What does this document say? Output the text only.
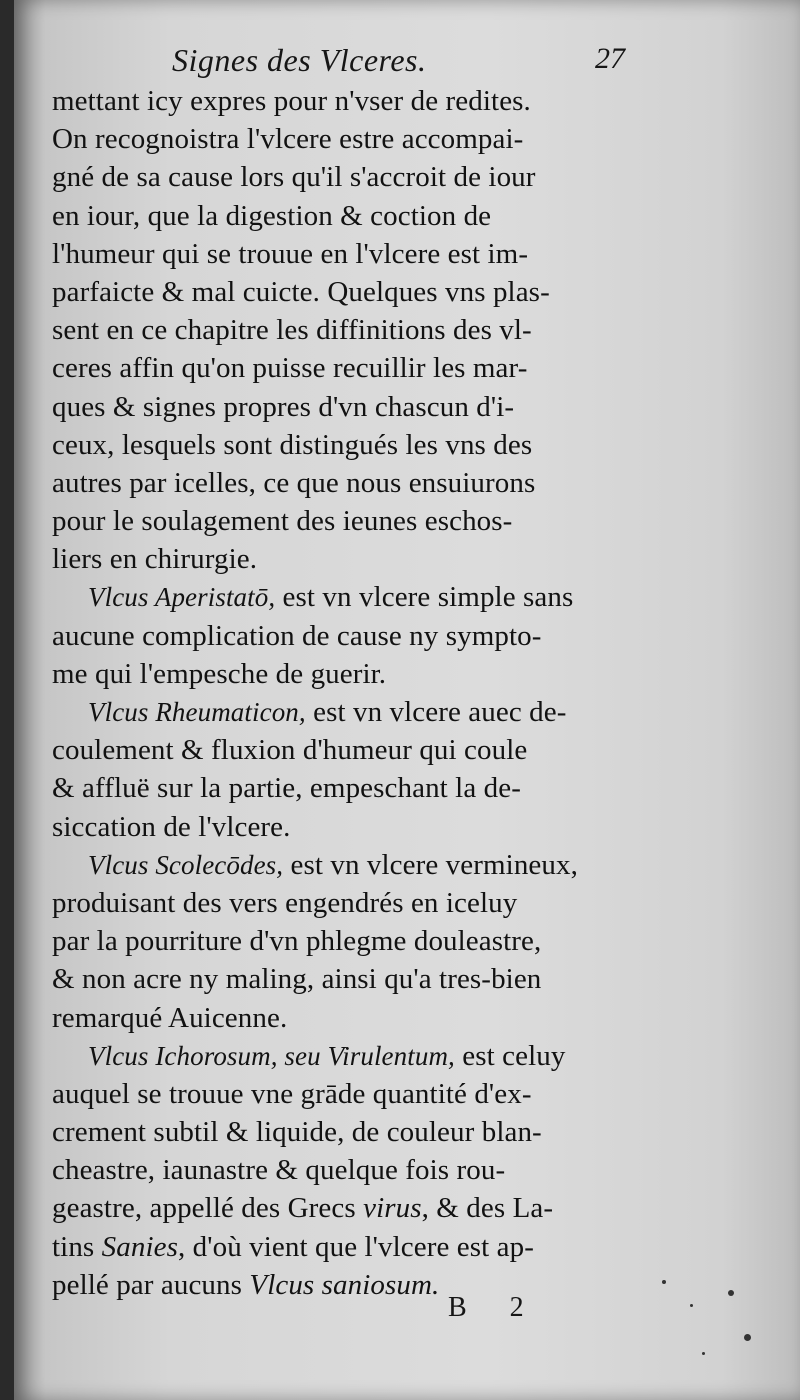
Signes des Vlceres.	27
mettant icy expres pour n'vser de redites.
On recognoistra l'vlcere estre accompai-
gné de sa cause lors qu'il s'accroit de iour
en iour, que la digestion & coction de
l'humeur qui se trouue en l'vlcere est im-
parfaicte & mal cuicte. Quelques vns plas-
sent en ce chapitre les diffinitions des vl-
ceres affin qu'on puisse recuillir les mar-
ques & signes propres d'vn chascun d'i-
ceux, lesquels sont distingués les vns des
autres par icelles, ce que nous ensuiurons
pour le soulagement des ieunes eschos-
liers en chirurgie.
Vlcus Aperistatō, est vn vlcere simple sans
aucune complication de cause ny sympto-
me qui l'empesche de guerir.
Vlcus Rheumaticon, est vn vlcere auec de-
coulement & fluxion d'humeur qui coule
& affluë sur la partie, empeschant la de-
siccation de l'vlcere.
Vlcus Scolecōdes, est vn vlcere vermineux,
produisant des vers engendrés en iceluy
par la pourriture d'vn phlegme douleastre,
& non acre ny maling, ainsi qu'a tres-bien
remarqué Auicenne.
Vlcus Ichorosum, seu Virulentum, est celuy
auquel se trouue vne grāde quantité d'ex-
crement subtil & liquide, de couleur blan-
cheastre, iaunastre & quelque fois rou-
geastre, appellé des Grecs virus, & des La-
tins Sanies, d'où vient que l'vlcere est ap-
pellé par aucuns Vlcus saniosum.
B 2
